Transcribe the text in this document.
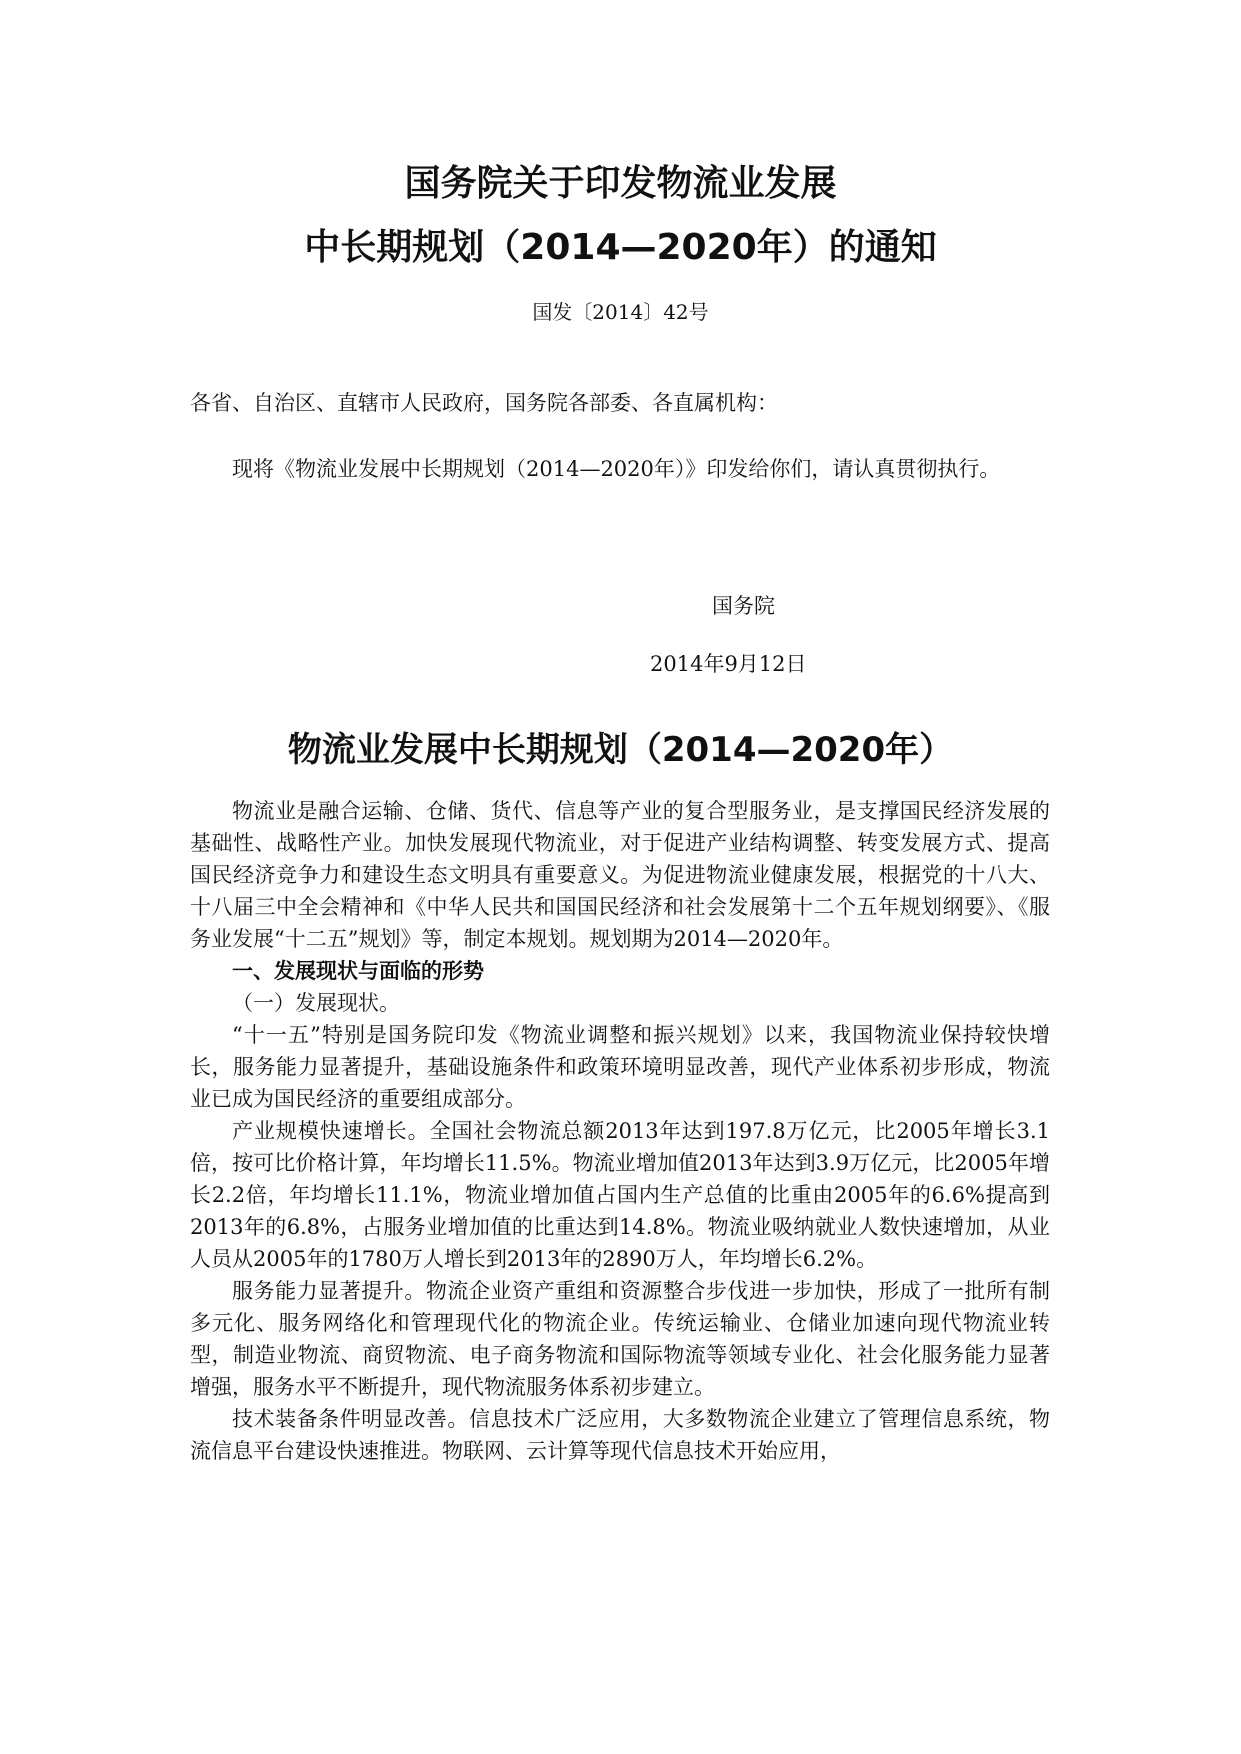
国务院关于印发物流业发展
中长期规划（2014—2020年）的通知
国发〔2014〕42号
各省、自治区、直辖市人民政府，国务院各部委、各直属机构：
现将《物流业发展中长期规划（2014—2020年）》印发给你们，请认真贯彻执行。
国务院
2014年9月12日
物流业发展中长期规划（2014—2020年）

物流业是融合运输、仓储、货代、信息等产业的复合型服务业，是支撑国民经济发展的基础性、战略性产业。加快发展现代物流业，对于促进产业结构调整、转变发展方式、提高国民经济竞争力和建设生态文明具有重要意义。为促进物流业健康发展，根据党的十八大、十八届三中全会精神和《中华人民共和国国民经济和社会发展第十二个五年规划纲要》、《服务业发展“十二五”规划》等，制定本规划。规划期为2014—2020年。

一、发展现状与面临的形势

（一）发展现状。

“十一五”特别是国务院印发《物流业调整和振兴规划》以来，我国物流业保持较快增长，服务能力显著提升，基础设施条件和政策环境明显改善，现代产业体系初步形成，物流业已成为国民经济的重要组成部分。

产业规模快速增长。全国社会物流总额2013年达到197.8万亿元，比2005年增长3.1倍，按可比价格计算，年均增长11.5%。物流业增加值2013年达到3.9万亿元，比2005年增长2.2倍，年均增长11.1%，物流业增加值占国内生产总值的比重由2005年的6.6%提高到2013年的6.8%，占服务业增加值的比重达到14.8%。物流业吸纳就业人数快速增加，从业人员从2005年的1780万人增长到2013年的2890万人，年均增长6.2%。

服务能力显著提升。物流企业资产重组和资源整合步伐进一步加快，形成了一批所有制多元化、服务网络化和管理现代化的物流企业。传统运输业、仓储业加速向现代物流业转型，制造业物流、商贸物流、电子商务物流和国际物流等领域专业化、社会化服务能力显著增强，服务水平不断提升，现代物流服务体系初步建立。

技术装备条件明显改善。信息技术广泛应用，大多数物流企业建立了管理信息系统，物流信息平台建设快速推进。物联网、云计算等现代信息技术开始应用，
